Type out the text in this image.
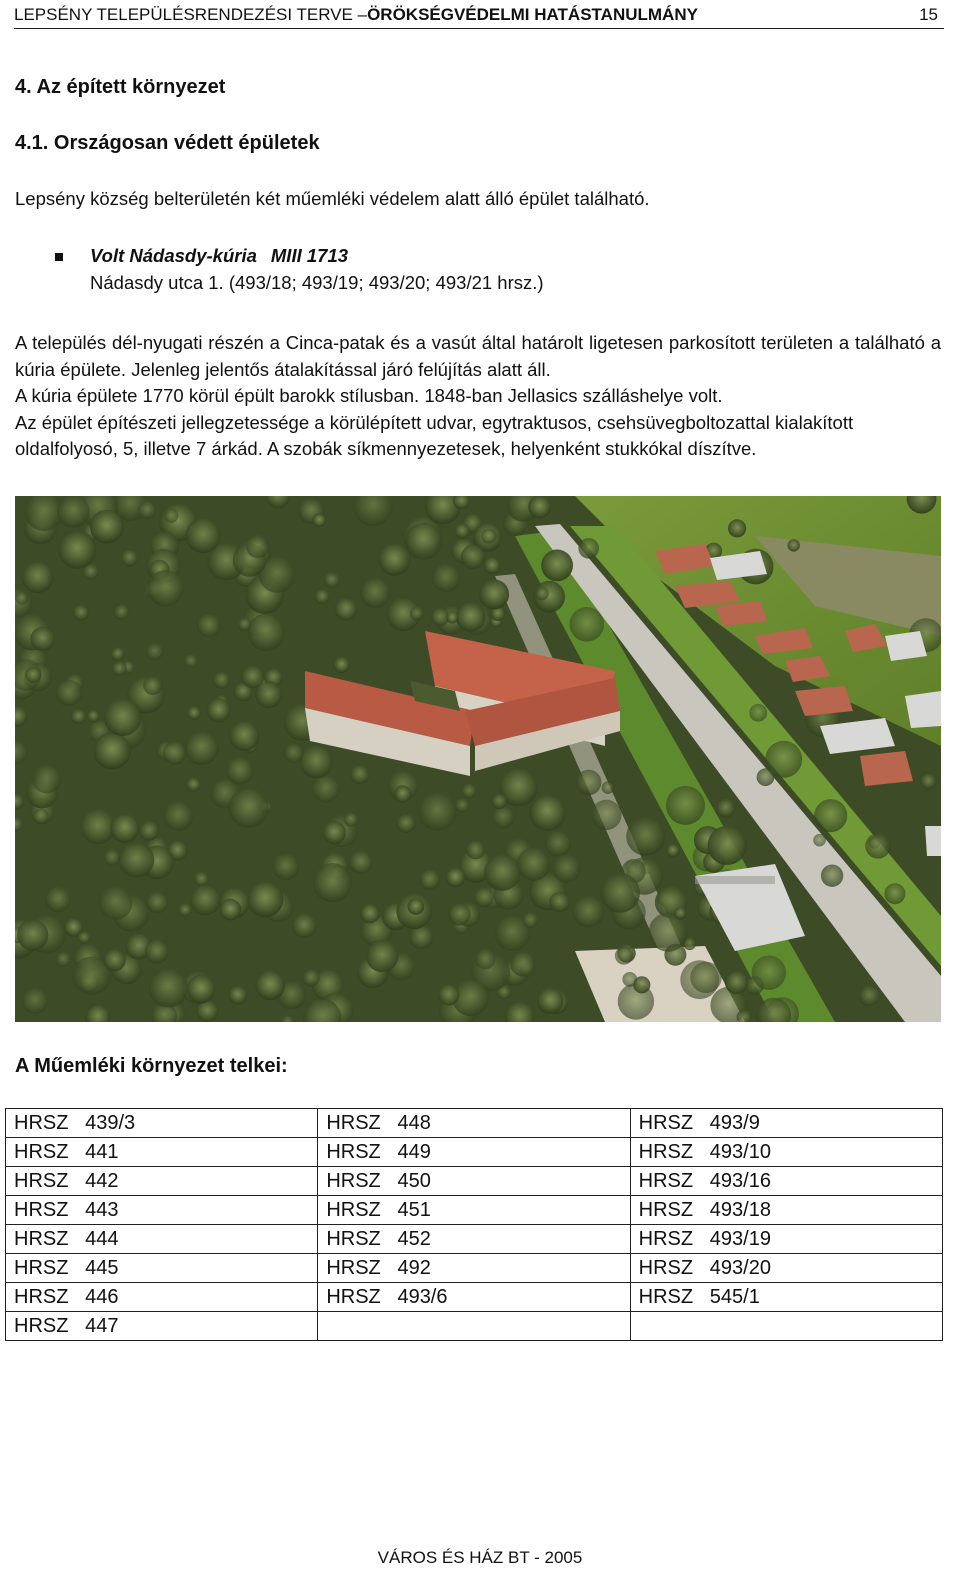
LEPSÉNY TELEPÜLÉSRENDEZÉSI TERVE –ÖRÖKSÉGVÉDELMI HATÁSTANULMÁNY	15
4. Az épített környezet
4.1. Országosan védett épületek
Lepsény község belterületén két műemléki védelem alatt álló épület található.
Volt Nádasdy-kúria MIII 1713
Nádasdy utca 1. (493/18; 493/19; 493/20; 493/21 hrsz.)

A település dél-nyugati részén a Cinca-patak és a vasút által határolt ligetesen parkosított területen a található a kúria épülete. Jelenleg jelentős átalakítással járó felújítás alatt áll.

A kúria épülete 1770 körül épült barokk stílusban. 1848-ban Jellasics szálláshelye volt.

Az épület építészeti jellegzetessége a körülépített udvar, egytraktusos, csehsüvegboltozattal kialakított oldalfolyosó, 5, illetve 7 árkád. A szobák síkmennyezetesek, helyenként stukkókal díszítve.

A Műemléki környezet telkei:
HRSZ   439/3	HRSZ   448	HRSZ   493/9
HRSZ   441	HRSZ   449	HRSZ   493/10
HRSZ   442	HRSZ   450	HRSZ   493/16
HRSZ   443	HRSZ   451	HRSZ   493/18
HRSZ   444	HRSZ   452	HRSZ   493/19
HRSZ   445	HRSZ   492	HRSZ   493/20
HRSZ   446	HRSZ   493/6	HRSZ   545/1
HRSZ   447		
VÁROS ÉS HÁZ BT - 2005
